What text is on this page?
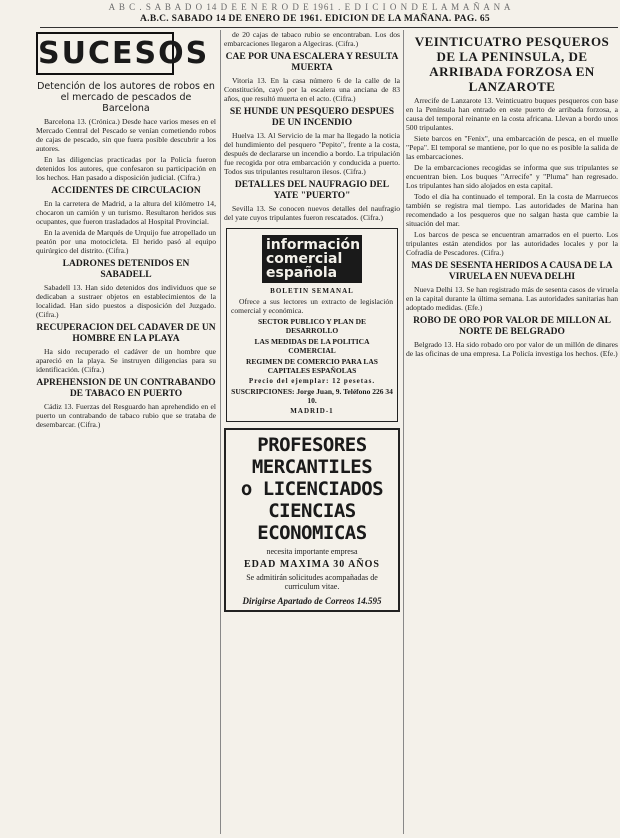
A B C . S A B A D O 14 D E E N E R O D E 1961 . E D I C I O N D E L A M A Ñ A N A
A.B.C. SABADO 14 DE ENERO DE 1961. EDICION DE LA MAÑANA. PAG. 65
SUCESOS
Detención de los autores de robos en el mercado de pescados de Barcelona

Barcelona 13. (Crónica.) Desde hace varios meses en el Mercado Central del Pescado se venían cometiendo robos de cajas de pescado, sin que fuera posible descubrir a los autores.

En las diligencias practicadas por la Policía fueron detenidos los autores, que confesaron su participación en los hechos. Han pasado a disposición judicial. (Cifra.)

ACCIDENTES DE CIRCULACION

En la carretera de Madrid, a la altura del kilómetro 14, chocaron un camión y un turismo. Resultaron heridos sus ocupantes, que fueron trasladados al Hospital Provincial.

En la avenida de Marqués de Urquijo fue atropellado un peatón por una motocicleta. El herido pasó al equipo quirúrgico del distrito. (Cifra.)

LADRONES DETENIDOS EN SABADELL

Sabadell 13. Han sido detenidos dos individuos que se dedicaban a sustraer objetos en establecimientos de la localidad. Han sido puestos a disposición del Juzgado. (Cifra.)

RECUPERACION DEL CADAVER DE UN HOMBRE EN LA PLAYA

Ha sido recuperado el cadáver de un hombre que apareció en la playa. Se instruyen diligencias para su identificación. (Cifra.)

APREHENSION DE UN CONTRABANDO DE TABACO EN PUERTO

Cádiz 13. Fuerzas del Resguardo han aprehendido en el puerto un contrabando de tabaco rubio que se trataba de desembarcar. (Cifra.)

de 20 cajas de tabaco rubio se encontraban. Los dos embarcaciones llegaron a Algeciras. (Cifra.)

CAE POR UNA ESCALERA Y RESULTA MUERTA

Vitoria 13. En la casa número 6 de la calle de la Constitución, cayó por la escalera una anciana de 83 años, que resultó muerta en el acto. (Cifra.)

SE HUNDE UN PESQUERO DESPUES DE UN INCENDIO

Huelva 13. Al Servicio de la mar ha llegado la noticia del hundimiento del pesquero "Pepito", frente a la costa, después de declararse un incendio a bordo. La tripulación fue recogida por otra embarcación y conducida a puerto. Todos sus tripulantes resultaron ilesos. (Cifra.)

DETALLES DEL NAUFRAGIO DEL YATE "PUERTO"

Sevilla 13. Se conocen nuevos detalles del naufragio del yate cuyos tripulantes fueron rescatados. (Cifra.)

información comercial española
BOLETIN SEMANAL

Ofrece a sus lectores un extracto de legislación comercial y económica.

SECTOR PUBLICO Y PLAN DE DESARROLLO
LAS MEDIDAS DE LA POLITICA COMERCIAL
REGIMEN DE COMERCIO PARA LAS CAPITALES ESPAÑOLAS
Precio del ejemplar: 12 pesetas.
SUSCRIPCIONES: Jorge Juan, 9. Teléfono 226 34 10.
MADRID-1
PROFESORES MERCANTILES
o LICENCIADOS CIENCIAS ECONOMICAS
necesita importante empresa
EDAD MAXIMA 30 AÑOS
Se admitirán solicitudes acompañadas de curriculum vitae.
Dirigirse Apartado de Correos 14.595
VEINTICUATRO PESQUEROS DE LA PENINSULA, DE ARRIBADA FORZOSA EN LANZAROTE

Arrecife de Lanzarote 13. Veinticuatro buques pesqueros con base en la Península han entrado en este puerto de arribada forzosa, a causa del temporal reinante en la costa africana. Llevan a bordo unos 500 tripulantes.

Siete barcos en "Fenix", una embarcación de pesca, en el muelle "Pepa". El temporal se mantiene, por lo que no es posible la salida de las embarcaciones.

De la embarcaciones recogidas se informa que sus tripulantes se encuentran bien. Los buques "Arrecife" y "Pluma" han regresado. Los tripulantes han sido alojados en esta capital.

Todo el día ha continuado el temporal. En la costa de Marruecos también se registra mal tiempo. Las autoridades de Marina han recomendado a los pesqueros que no salgan hasta que cambie la situación del mar.

Los barcos de pesca se encuentran amarrados en el puerto. Los tripulantes están atendidos por las autoridades locales y por la Cofradía de Pescadores. (Cifra.)

MAS DE SESENTA HERIDOS A CAUSA DE LA VIRUELA EN NUEVA DELHI

Nueva Delhi 13. Se han registrado más de sesenta casos de viruela en la capital durante la última semana. Las autoridades sanitarias han adoptado medidas. (Efe.)

ROBO DE ORO POR VALOR DE MILLON AL NORTE DE BELGRADO

Belgrado 13. Ha sido robado oro por valor de un millón de dinares de las oficinas de una empresa. La Policía investiga los hechos. (Efe.)
